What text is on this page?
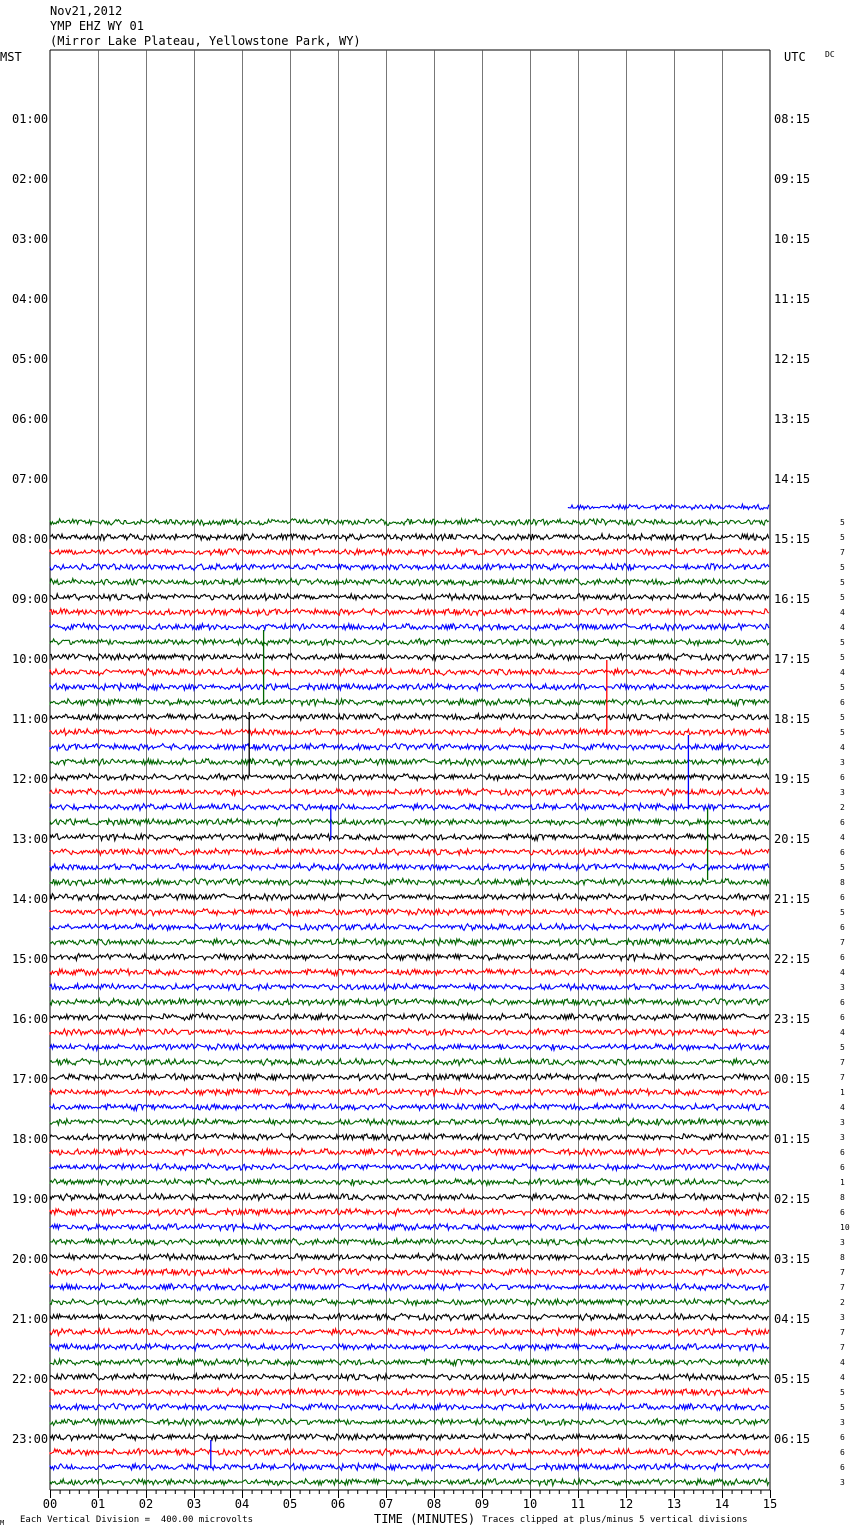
Nov21,2012
YMP EHZ WY 01
(Mirror Lake Plateau, Yellowstone Park, WY)
MST	UTC DC
00	01	02	03	04	05	06	07	08	09	10	11	12	13	14	15
01:00
02:00
03:00
04:00
05:00
06:00
07:00
08:00
09:00
10:00
11:00
12:00
13:00
14:00
15:00
16:00
17:00
18:00
19:00
20:00
21:00
22:00
23:00
08:15
09:15
10:15
11:15
12:15
13:15
14:15
15:15
16:15
17:15
18:15
19:15
20:15
21:15
22:15
23:15
00:15
01:15
02:15
03:15
04:15
05:15
06:15
5
5
7
5
5
5
4
4
5
5
4
5
6
5
5
4
3
6
3
2
6
4
6
5
8
6
5
6
7
6
4
3
6
6
4
5
7
7
1
4
3
3
6
6
1
8
6
10
3
8
7
7
2
3
7
7
4
4
5
5
3
6
6
6
3
M Each Vertical Division =  400.00 microvolts	TIME (MINUTES) Traces clipped at plus/minus 5 vertical divisions
